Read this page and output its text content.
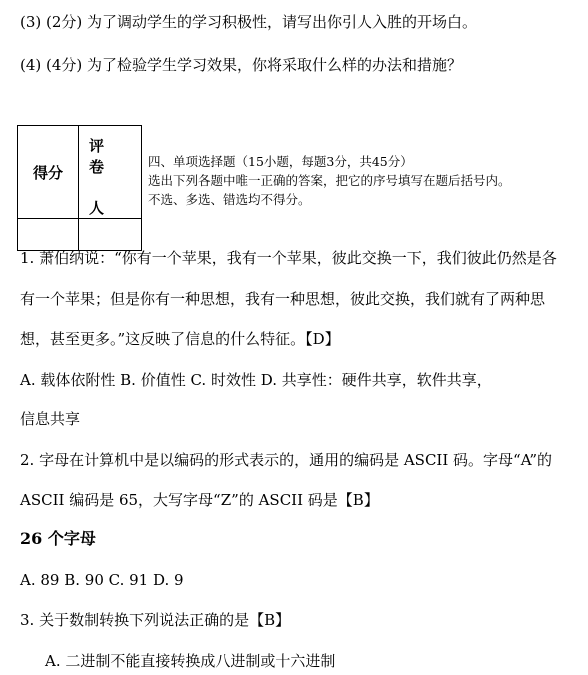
(3) (2分) 为了调动学生的学习积极性，请写出你引人入胜的开场白。
(4) (4分) 为了检验学生学习效果，你将采取什么样的办法和措施？
得分	评 卷
人

四、单项选择题（15小题，每题3分，共45分）
选出下列各题中唯一正确的答案，把它的序号填写在题后括号内。
不选、多选、错选均不得分。
1. 萧伯纳说：“你有一个苹果，我有一个苹果，彼此交换一下，我们彼此仍然是各
有一个苹果；但是你有一种思想，我有一种思想，彼此交换，我们就有了两种思
想，甚至更多。”这反映了信息的什么特征。【D】
A. 载体依附性 B. 价值性 C. 时效性 D. 共享性：硬件共享，软件共享，
信息共享
2. 字母在计算机中是以编码的形式表示的，通用的编码是 ASCII 码。字母“A”的
ASCII 编码是 65，大写字母“Z”的 ASCII 码是【B】
26 个字母
A. 89 B. 90 C. 91 D. 9
3. 关于数制转换下列说法正确的是【B】
A. 二进制不能直接转换成八进制或十六进制
